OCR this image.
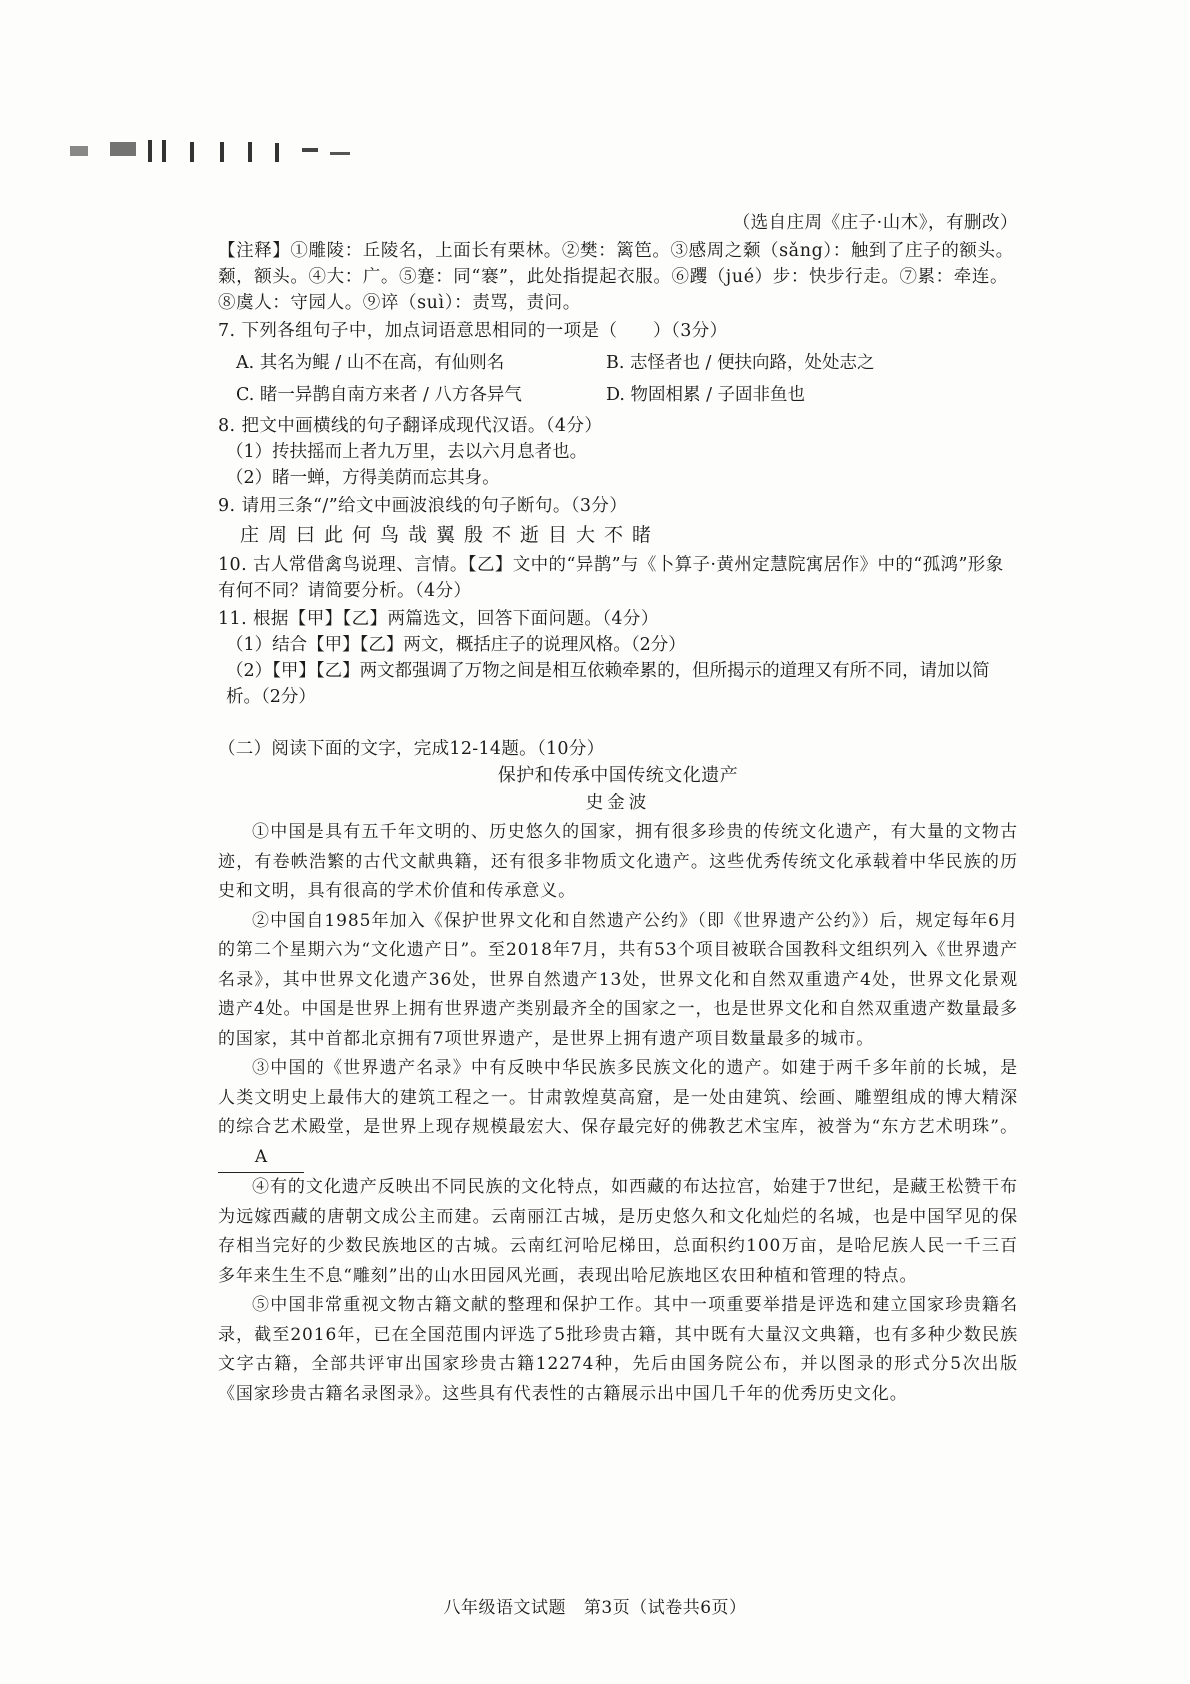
（选自庄周《庄子·山木》，有删改）

【注释】①雕陵：丘陵名，上面长有栗林。②樊：篱笆。③感周之颡（sǎng）：触到了庄子的额头。颡，额头。④大：广。⑤蹇：同“褰”，此处指提起衣服。⑥躩（jué）步：快步行走。⑦累：牵连。⑧虞人：守园人。⑨谇（suì）：责骂，责问。

7. 下列各组句子中，加点词语意思相同的一项是（　　）（3分）

A. 其名为鲲 / 山不在高，有仙则名	B. 志怪者也 / 便扶向路，处处志之
C. 睹一异鹊自南方来者 / 八方各异气	D. 物固相累 / 子固非鱼也

8. 把文中画横线的句子翻译成现代汉语。（4分）

（1）抟扶摇而上者九万里，去以六月息者也。

（2）睹一蝉，方得美荫而忘其身。

9. 请用三条“/”给文中画波浪线的句子断句。（3分）

庄周曰此何鸟哉翼殷不逝目大不睹

10. 古人常借禽鸟说理、言情。【乙】文中的“异鹊”与《卜算子·黄州定慧院寓居作》中的“孤鸿”形象有何不同？请简要分析。（4分）

11. 根据【甲】【乙】两篇选文，回答下面问题。（4分）

（1）结合【甲】【乙】两文，概括庄子的说理风格。（2分）

（2）【甲】【乙】两文都强调了万物之间是相互依赖牵累的，但所揭示的道理又有所不同，请加以简析。（2分）

（二）阅读下面的文字，完成12-14题。（10分）

保护和传承中国传统文化遗产

史金波

①中国是具有五千年文明的、历史悠久的国家，拥有很多珍贵的传统文化遗产，有大量的文物古迹，有卷帙浩繁的古代文献典籍，还有很多非物质文化遗产。这些优秀传统文化承载着中华民族的历史和文明，具有很高的学术价值和传承意义。

②中国自1985年加入《保护世界文化和自然遗产公约》（即《世界遗产公约》）后，规定每年6月的第二个星期六为“文化遗产日”。至2018年7月，共有53个项目被联合国教科文组织列入《世界遗产名录》，其中世界文化遗产36处，世界自然遗产13处，世界文化和自然双重遗产4处，世界文化景观遗产4处。中国是世界上拥有世界遗产类别最齐全的国家之一，也是世界文化和自然双重遗产数量最多的国家，其中首都北京拥有7项世界遗产，是世界上拥有遗产项目数量最多的城市。

③中国的《世界遗产名录》中有反映中华民族多民族文化的遗产。如建于两千多年前的长城，是人类文明史上最伟大的建筑工程之一。甘肃敦煌莫高窟，是一处由建筑、绘画、雕塑组成的博大精深的综合艺术殿堂，是世界上现存规模最宏大、保存最完好的佛教艺术宝库，被誉为“东方艺术明珠”。A

④有的文化遗产反映出不同民族的文化特点，如西藏的布达拉宫，始建于7世纪，是藏王松赞干布为远嫁西藏的唐朝文成公主而建。云南丽江古城，是历史悠久和文化灿烂的名城，也是中国罕见的保存相当完好的少数民族地区的古城。云南红河哈尼梯田，总面积约100万亩，是哈尼族人民一千三百多年来生生不息“雕刻”出的山水田园风光画，表现出哈尼族地区农田种植和管理的特点。

⑤中国非常重视文物古籍文献的整理和保护工作。其中一项重要举措是评选和建立国家珍贵籍名录，截至2016年，已在全国范围内评选了5批珍贵古籍，其中既有大量汉文典籍，也有多种少数民族文字古籍，全部共评审出国家珍贵古籍12274种，先后由国务院公布，并以图录的形式分5次出版《国家珍贵古籍名录图录》。这些具有代表性的古籍展示出中国几千年的优秀历史文化。

八年级语文试题 第3页（试卷共6页）
